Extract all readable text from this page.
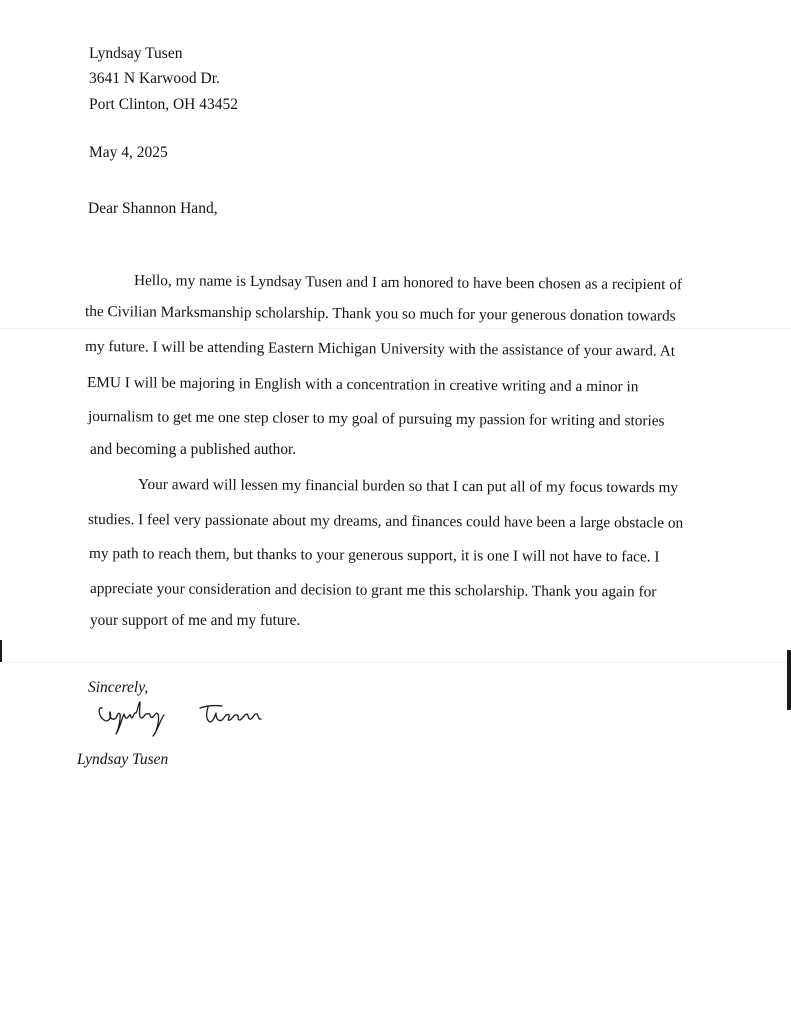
Lyndsay Tusen
3641 N Karwood Dr.
Port Clinton, OH 43452
May 4, 2025
Dear Shannon Hand,
Hello, my name is Lyndsay Tusen and I am honored to have been chosen as a recipient of
the Civilian Marksmanship scholarship. Thank you so much for your generous donation towards
my future. I will be attending Eastern Michigan University with the assistance of your award. At
EMU I will be majoring in English with a concentration in creative writing and a minor in
journalism to get me one step closer to my goal of pursuing my passion for writing and stories
and becoming a published author.
Your award will lessen my financial burden so that I can put all of my focus towards my
studies. I feel very passionate about my dreams, and finances could have been a large obstacle on
my path to reach them, but thanks to your generous support, it is one I will not have to face. I
appreciate your consideration and decision to grant me this scholarship. Thank you again for
your support of me and my future.
Sincerely,
Lyndsay Tusen
